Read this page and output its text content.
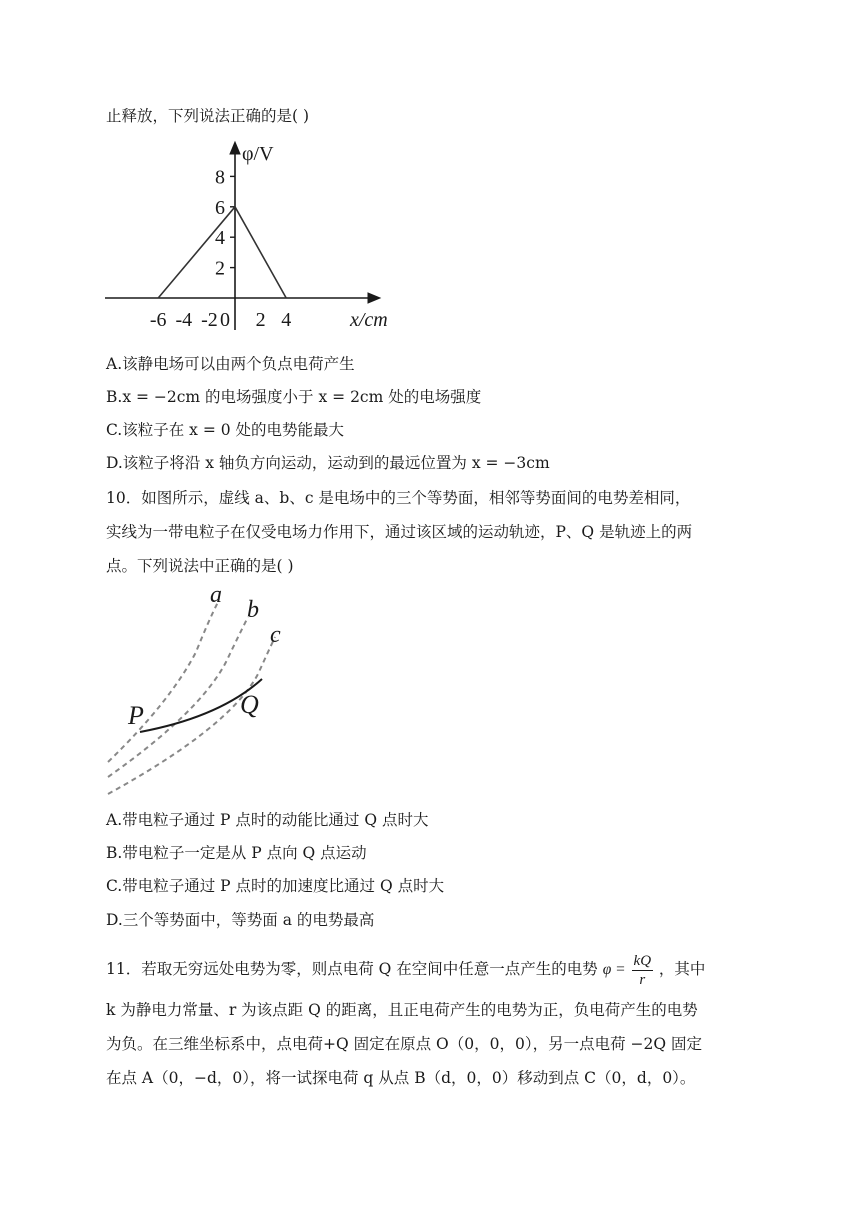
止释放，下列说法正确的是( )
φ/V
x/cm
2
4
6
8
-6 -4 -2 0 2 4
A.该静电场可以由两个负点电荷产生
B.x = −2cm 的电场强度小于 x = 2cm 处的电场强度
C.该粒子在 x = 0 处的电势能最大
D.该粒子将沿 x 轴负方向运动，运动到的最远位置为 x = −3cm
10．如图所示，虚线 a、b、c 是电场中的三个等势面，相邻等势面间的电势差相同，
实线为一带电粒子在仅受电场力作用下，通过该区域的运动轨迹，P、Q 是轨迹上的两
点。下列说法中正确的是( )
a
b
c
P	Q
A.带电粒子通过 P 点时的动能比通过 Q 点时大
B.带电粒子一定是从 P 点向 Q 点运动
C.带电粒子通过 P 点时的加速度比通过 Q 点时大
D.三个等势面中，等势面 a 的电势最高
11．若取无穷远处电势为零，则点电荷 Q 在空间中任意一点产生的电势 $\varphi = \frac{kQ}{r}$ ，其中
k 为静电力常量、r 为该点距 Q 的距离，且正电荷产生的电势为正，负电荷产生的电势
为负。在三维坐标系中，点电荷+Q 固定在原点 O（0，0，0），另一点电荷 −2Q 固定
在点 A（0，−d，0），将一试探电荷 q 从点 B（d，0，0）移动到点 C（0，d，0）。
